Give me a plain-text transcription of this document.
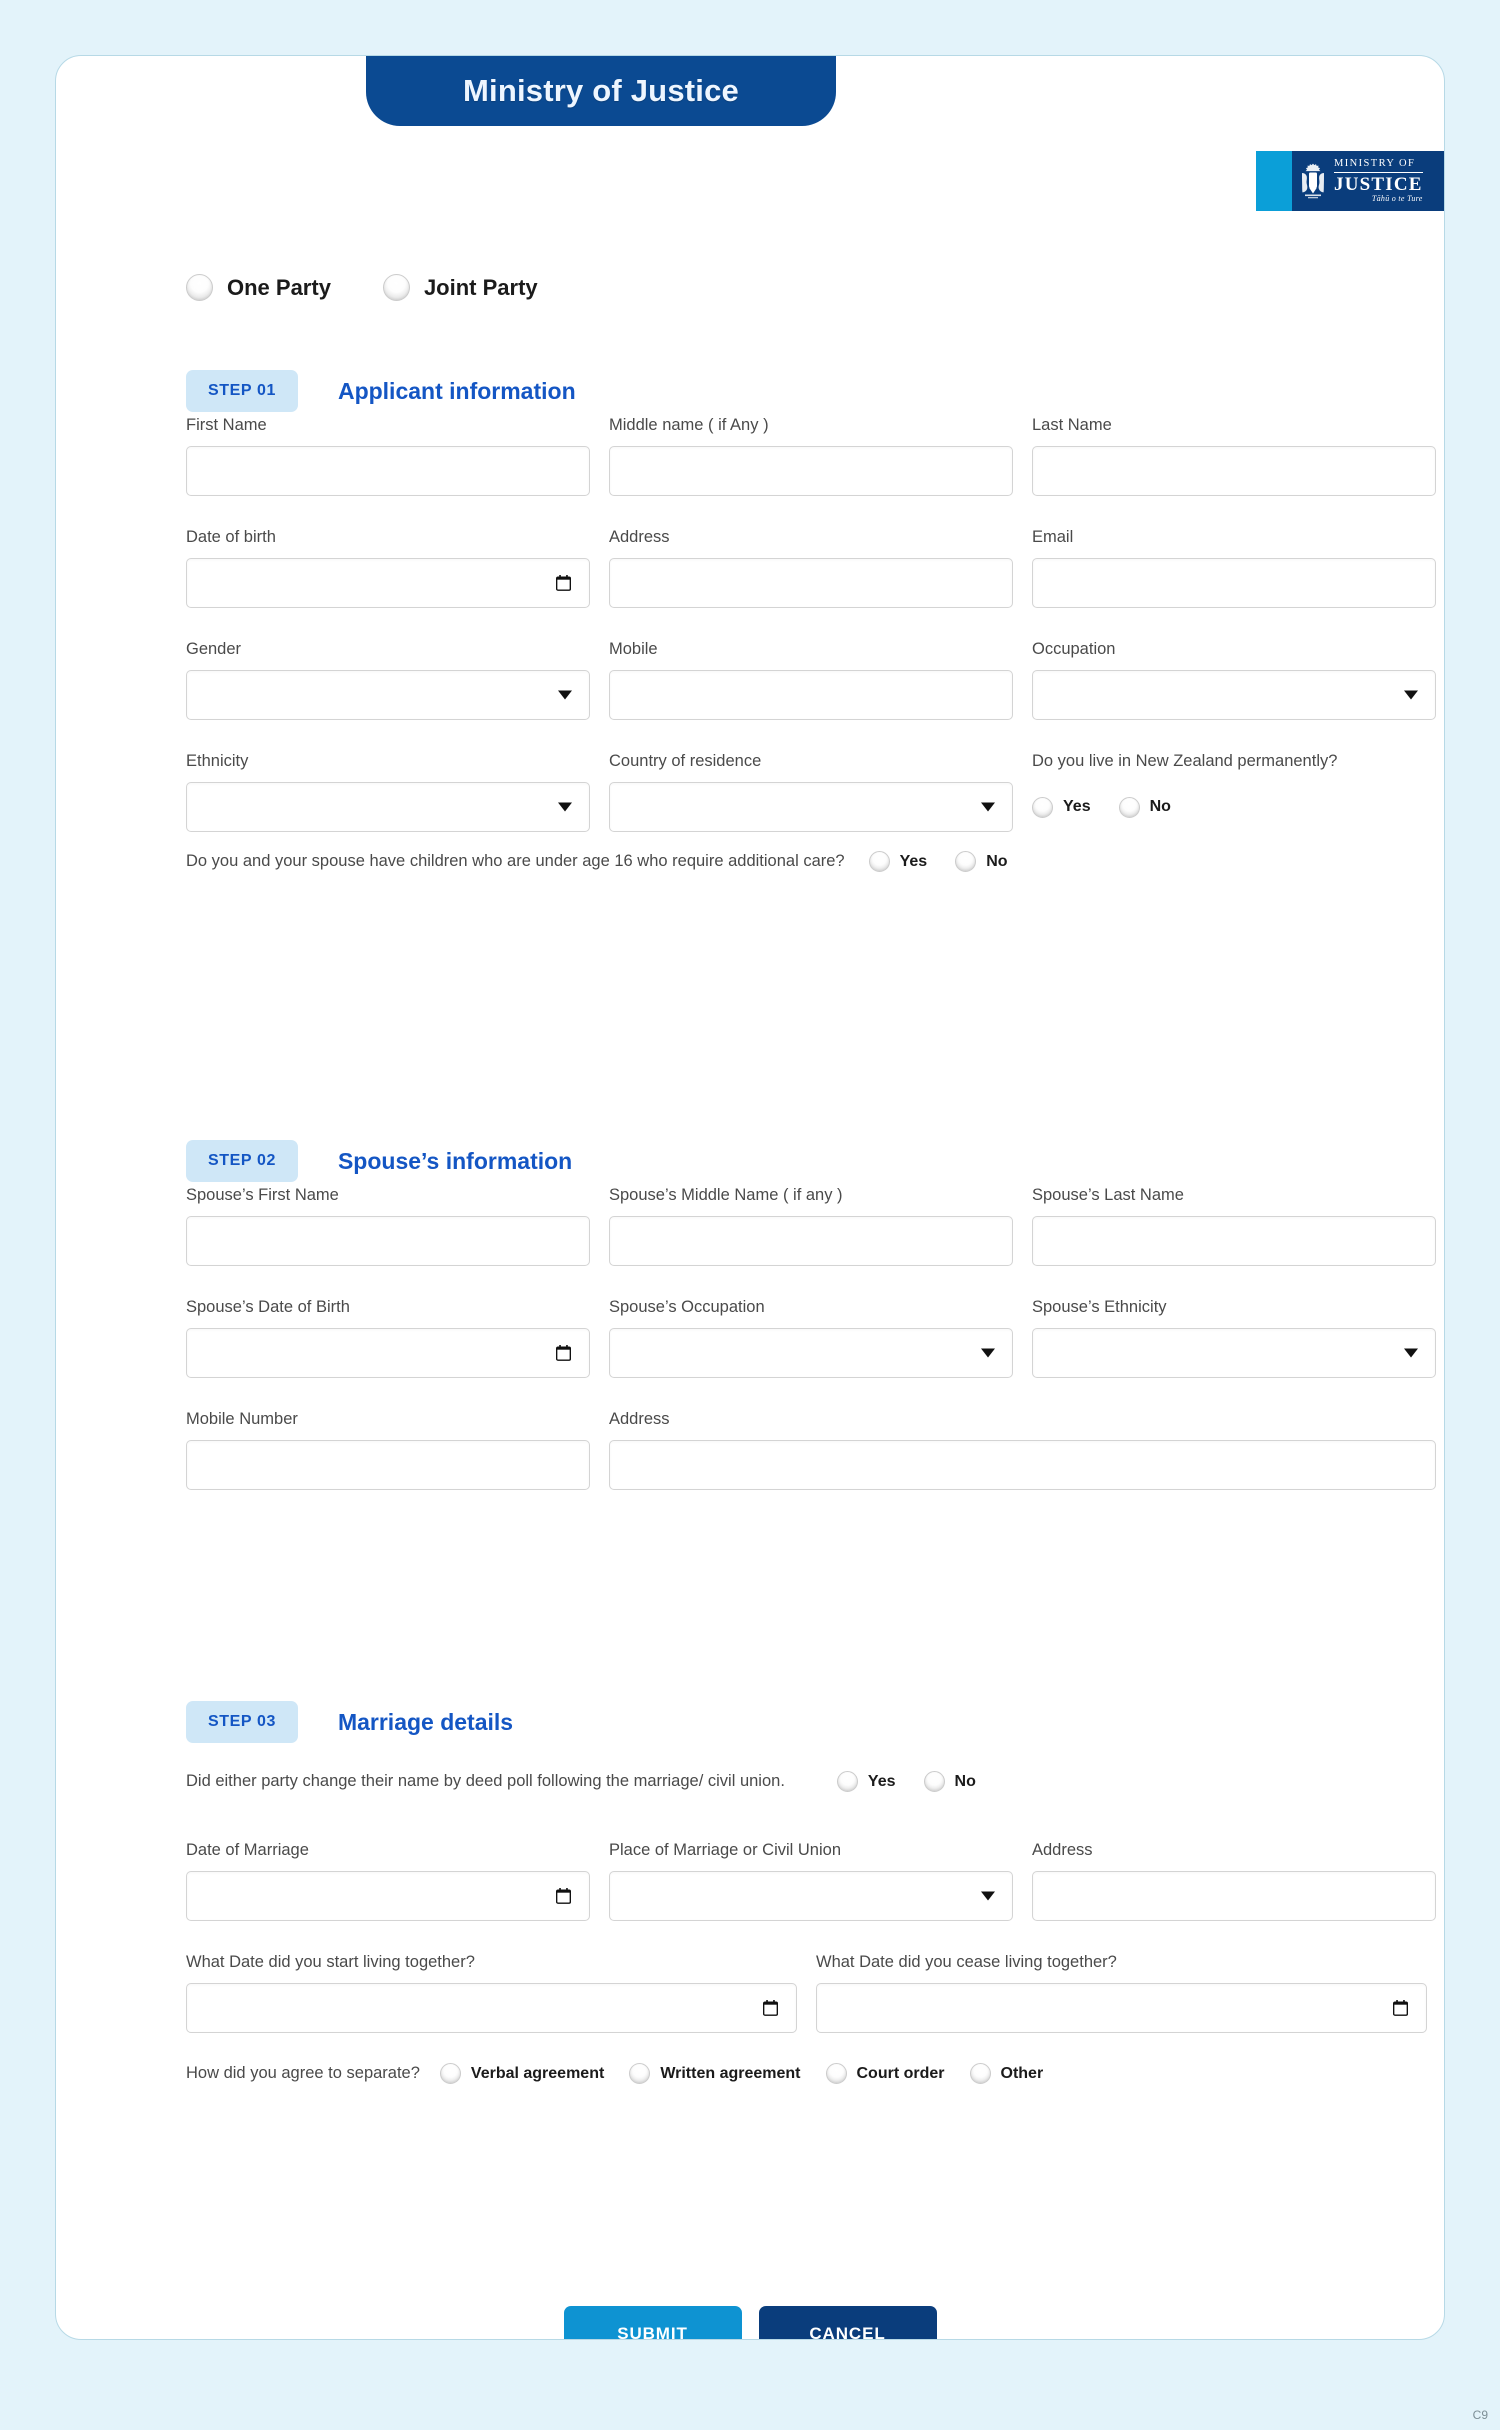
Ministry of Justice
MINISTRY OF
JUSTICE
Tāhū o te Ture
One Party	Joint Party
STEP 01	Applicant information
First Name	Middle name ( if Any )	Last Name
Date of birth	Address	Email
Gender	Mobile	Occupation
Ethnicity	Country of residence	Do you live in New Zealand permanently?
Yes	No
Do you and your spouse have children who are under age 16 who require additional care?	Yes	No
STEP 02	Spouse’s information
Spouse’s First Name	Spouse’s Middle Name ( if any )	Spouse’s Last Name
Spouse’s Date of Birth	Spouse’s Occupation	Spouse’s Ethnicity
Mobile Number	Address
STEP 03	Marriage details
Did either party change their name by deed poll following the marriage/ civil union.	Yes	No
Date of Marriage	Place of Marriage or Civil Union	Address
What Date did you start living together?	What Date did you cease living together?
How did you agree to separate?	Verbal agreement	Written agreement	Court order	Other
SUBMIT	CANCEL
C9
